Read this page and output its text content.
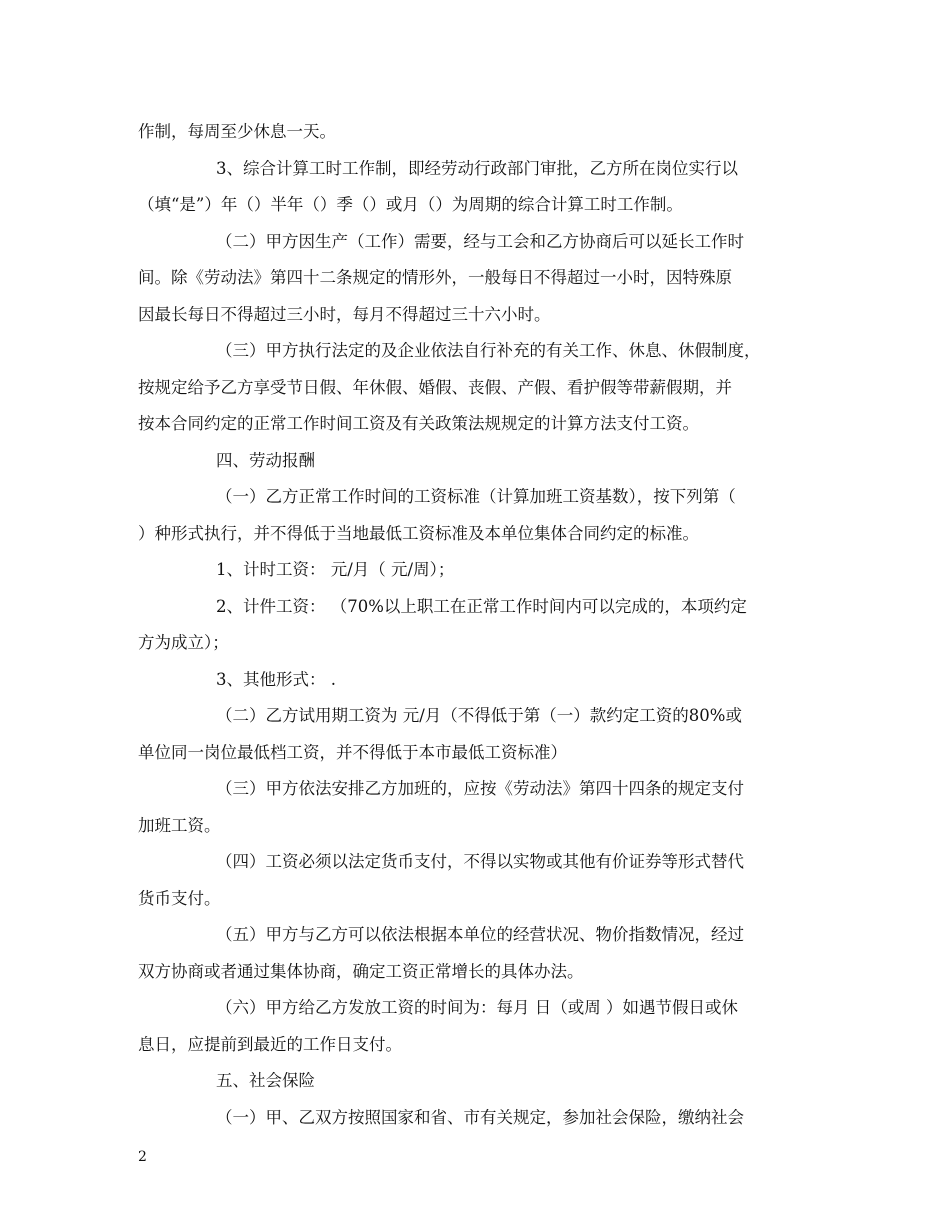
作制，每周至少休息一天。
3、综合计算工时工作制，即经劳动行政部门审批，乙方所在岗位实行以
（填“是”）年（）半年（）季（）或月（）为周期的综合计算工时工作制。
（二）甲方因生产（工作）需要，经与工会和乙方协商后可以延长工作时
间。除《劳动法》第四十二条规定的情形外，一般每日不得超过一小时，因特殊原
因最长每日不得超过三小时，每月不得超过三十六小时。
（三）甲方执行法定的及企业依法自行补充的有关工作、休息、休假制度，
按规定给予乙方享受节日假、年休假、婚假、丧假、产假、看护假等带薪假期，并
按本合同约定的正常工作时间工资及有关政策法规规定的计算方法支付工资。
四、劳动报酬
（一）乙方正常工作时间的工资标准（计算加班工资基数），按下列第（
）种形式执行，并不得低于当地最低工资标准及本单位集体合同约定的标准。
1、计时工资： 元/月（ 元/周）；
2、计件工资： （70%以上职工在正常工作时间内可以完成的，本项约定
方为成立）；
3、其他形式： .
（二）乙方试用期工资为 元/月（不得低于第（一）款约定工资的80%或
单位同一岗位最低档工资，并不得低于本市最低工资标准）
（三）甲方依法安排乙方加班的，应按《劳动法》第四十四条的规定支付
加班工资。
（四）工资必须以法定货币支付，不得以实物或其他有价证券等形式替代
货币支付。
（五）甲方与乙方可以依法根据本单位的经营状况、物价指数情况，经过
双方协商或者通过集体协商，确定工资正常增长的具体办法。
（六）甲方给乙方发放工资的时间为：每月 日（或周 ）如遇节假日或休
息日，应提前到最近的工作日支付。
五、社会保险
（一）甲、乙双方按照国家和省、市有关规定，参加社会保险，缴纳社会
2
